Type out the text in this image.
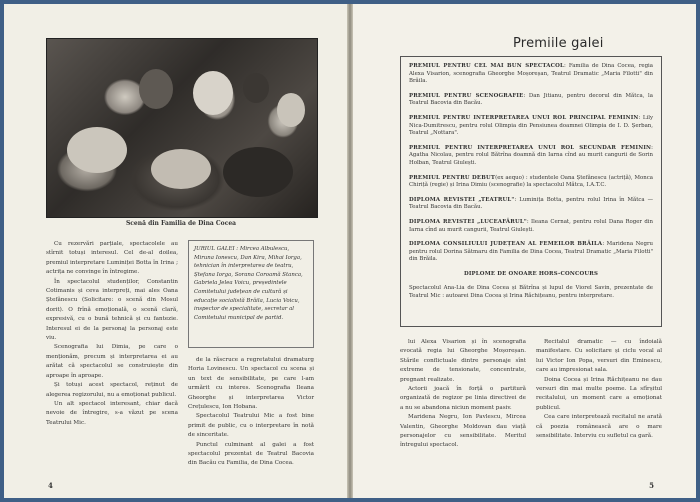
Scenă din Familia de Dina Cocea

Cu rezervări parțiale, spectacolele au stîrnit totuși interesul. Cel de-al doilea, premiul interpretare Luminiței Botta în Irina ; actrița ne convinge în întregime.

În spectacolul studenților, Constantin Cotimanis și ceva interpreți, mai ales Oana Ștefănescu (Solicitare: o scenă din Mosul dorit). O frînă emoțională, o scenă clară, expresivă, cu o bună tehnică și cu fantezie. Interesul ei de la personaj la personaj este viu.

Scenografia lui Dimia, pe care o menționăm, precum și interpretarea ei au arătat că spectacolul se construiește din aproape în aproape.

Și totuși acest spectacol, reținut de alegerea regizorului, nu a emoționat publicul.

Un alt spectacol interesant, chiar dacă nevoie de întregire, s-a văzut pe scena Teatrului Mic.

JURIUL GALEI : Mircea Albulescu, Miruna Ionescu, Dan Kira, Mihai Iorga, tehnician în interpretarea de teatru, Ștefana Iorga, Sorana Coroamă Stanca, Gabriela Jelea Voicu, președintele Comitetului județean de cultură și educație socialistă Brăila, Lucia Voicu, inspector de specialitate, secretar al Comitetului municipal de partid.

de la răscruce a regretatului dramaturg Horia Lovinescu. Un spectacol cu scena și un text de sensibilitate, pe care l-am urmărit cu interes. Scenografia Ileana Gheorghe și interpretarea Victor Crețulescu, Ion Hobana.

Spectacolul Teatrului Mic a fost bine primit de public, cu o interpretare în notă de sinceritate.

Punctul culminant al galei a fost spectacolul prezentat de Teatrul Bacovia din Bacău cu Familia, de Dina Cocea.

4
Premiile galei

PREMIUL PENTRU CEL MAI BUN SPECTACOL: Familia de Dina Cocea, regia Alexa Visarion, scenografia Gheorghe Moșoreșan, Teatrul Dramatic „Maria Filotti" din Brăila.

PREMIUL PENTRU SCENOGRAFIE: Dan Jitianu, pentru decorul din Mătca, la Teatrul Bacovia din Bacău.

PREMIUL PENTRU INTERPRETAREA UNUI ROL PRINCIPAL FEMININ: Lily Nica-Dumitrescu, pentru rolul Olimpia din Pensiunea doamnei Olimpia de I. D. Șerban, Teatrul „Nottara".

PREMIUL PENTRU INTERPRETAREA UNUI ROL SECUNDAR FEMININ: Agatha Nicolau, pentru rolul Bătrîna doamnă din Iarna cînd au murit cangurii de Sorin Holban, Teatrul Giulești.

PREMIUL PENTRU DEBUT(ex aequo) : studentele Oana Ștefănescu (actriță), Monca Chiriță (regie) și Irina Dimiu (scenografie) la spectacolul Mătca, I.A.T.C.

DIPLOMA REVISTEI „TEATRUL": Luminița Botta, pentru rolul Irina în Mătca — Teatrul Bacovia din Bacău.

DIPLOMA REVISTEI „LUCEAFĂRUL": Ileana Cernat, pentru rolul Dana Roger din Iarna cînd au murit cangurii, Teatrul Giulești.

DIPLOMA CONSILIULUI JUDEȚEAN AL FEMEILOR BRĂILA: Maridena Negru pentru rolul Dorina Sătmaru din Familia de Dina Cocea, Teatrul Dramatic „Maria Filotti" din Brăila.

DIPLOME DE ONOARE HORS-CONCOURS

Spectacolul Ana-Lia de Dina Cocea și Bătrîna și lupul de Viorel Savin, prezentate de Teatrul Mic : autoarei Dina Cocea și Irina Răchițeanu, pentru interpretare.

lui Alexa Visarion și în scenografia evocată regia lui Gheorghe Moșoreșan. Stările conflictuale dintre personaje sînt extreme de tensionate, concentrate, pregnant realizate.

Actorii joacă în forță o partitură organizată de regizor pe linia directivei de a nu se abandona niciun moment pasiv.

Maridena Negru, Ion Pavlescu, Mircea Valentin, Gheorghe Moldovan dau viață personajelor cu sensibilitate. Meritul întregului spectacol.

Recitalul dramatic — cu îndoială manifestare. Cu solicitare și ciclu vocal al lui Victor Ion Popa, versuri din Eminescu, care au impresionat sala.

Doina Cocea și Irina Răchițeanu ne dau versuri din mai multe poeme. La sfîrșitul recitalului, un moment care a emoționat publicul.

Cea care interpretează recitalul ne arată că poezia românească are o mare sensibilitate. Interviu cu sufletul ca gară.

5
